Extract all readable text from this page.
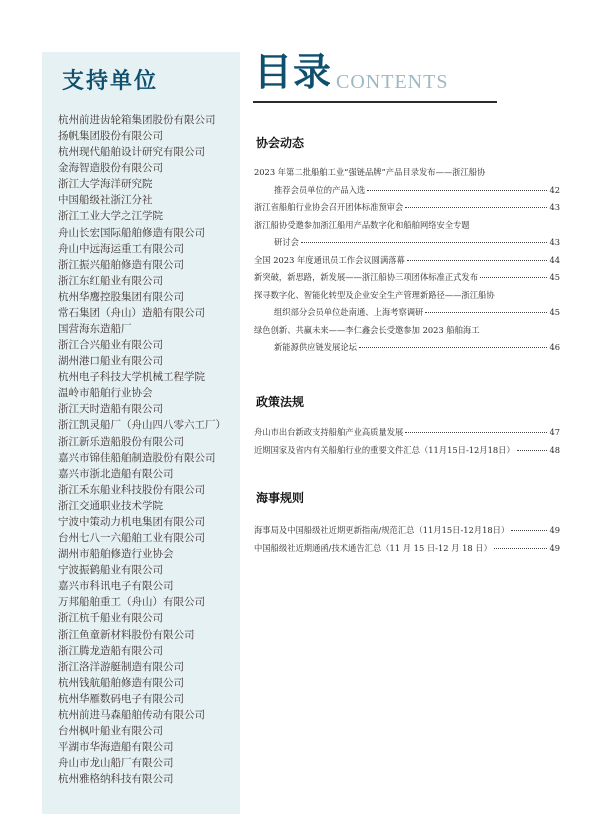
支持单位
杭州前进齿轮箱集团股份有限公司
扬帆集团股份有限公司
杭州现代船舶设计研究有限公司
金海智造股份有限公司
浙江大学海洋研究院
中国船级社浙江分社
浙江工业大学之江学院
舟山长宏国际船舶修造有限公司
舟山中远海运重工有限公司
浙江振兴船舶修造有限公司
浙江东红船业有限公司
杭州华鹰控股集团有限公司
常石集团（舟山）造船有限公司
国营海东造船厂
浙江合兴船业有限公司
湖州港口船业有限公司
杭州电子科技大学机械工程学院
温岭市船舶行业协会
浙江天时造船有限公司
浙江凯灵船厂（舟山四八零六工厂）
浙江新乐造船股份有限公司
嘉兴市锦佳船舶制造股份有限公司
嘉兴市浙北造船有限公司
浙江禾东船业科技股份有限公司
浙江交通职业技术学院
宁波中策动力机电集团有限公司
台州七八一六船舶工业有限公司
湖州市船舶修造行业协会
宁波振鹤船业有限公司
嘉兴市科讯电子有限公司
万邦船舶重工（舟山）有限公司
浙江杭千船业有限公司
浙江鱼童新材料股份有限公司
浙江腾龙造船有限公司
浙江洛洋游艇制造有限公司
杭州钱航船舶修造有限公司
杭州华雁数码电子有限公司
杭州前进马森船舶传动有限公司
台州枫叶船业有限公司
平湖市华海造船有限公司
舟山市龙山船厂有限公司
杭州雅格纳科技有限公司
目录 CONTENTS
协会动态
2023 年第二批船舶工业“强链品牌”产品目录发布——浙江船协
推荐会员单位的产品入选	42
浙江省船舶行业协会召开团体标准预审会	43
浙江船协受邀参加浙江船用产品数字化和船舶网络安全专题
研讨会	43
全国 2023 年度通讯员工作会议圆满落幕	44
新突破，新思路，新发展——浙江船协三项团体标准正式发布	45
探寻数字化、智能化转型及企业安全生产管理新路径——浙江船协
组织部分会员单位赴南通、上海考察调研	45
绿色创新、共赢未来——李仁鑫会长受邀参加 2023 船舶海工
新能源供应链发展论坛	46
政策法规
舟山市出台新政支持船舶产业高质量发展	47
近期国家及省内有关船舶行业的重要文件汇总（11月15日-12月18日）	48
海事规则
海事局及中国船级社近期更新指南/规范汇总（11月15日-12月18日）	49
中国船级社近期通函/技术通告汇总（11 月 15 日-12 月 18 日）	49
